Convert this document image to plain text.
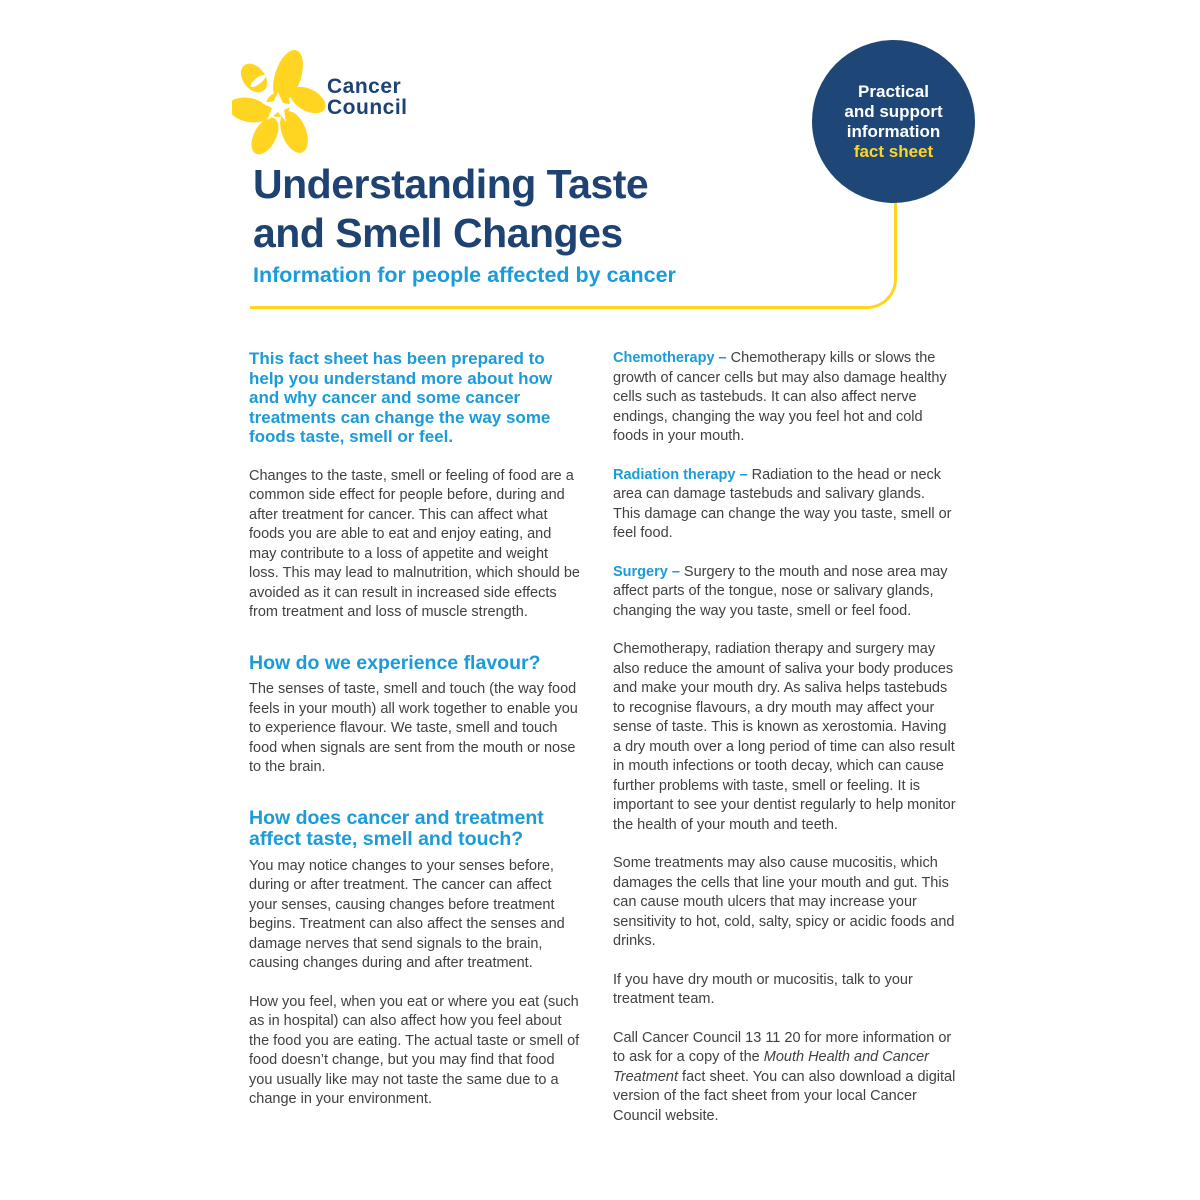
Cancer
Council
Practical
and support
information
fact sheet
Understanding Taste
and Smell Changes
Information for people affected by cancer

This fact sheet has been prepared to help you understand more about how and why cancer and some cancer treatments can change the way some foods taste, smell or feel.

Changes to the taste, smell or feeling of food are a common side effect for people before, during and after treatment for cancer. This can affect what foods you are able to eat and enjoy eating, and may contribute to a loss of appetite and weight loss. This may lead to malnutrition, which should be avoided as it can result in increased side effects from treatment and loss of muscle strength.

How do we experience flavour?

The senses of taste, smell and touch (the way food feels in your mouth) all work together to enable you to experience flavour. We taste, smell and touch food when signals are sent from the mouth or nose to the brain.

How does cancer and treatment affect taste, smell and touch?

You may notice changes to your senses before, during or after treatment. The cancer can affect your senses, causing changes before treatment begins. Treatment can also affect the senses and damage nerves that send signals to the brain, causing changes during and after treatment.

How you feel, when you eat or where you eat (such as in hospital) can also affect how you feel about the food you are eating. The actual taste or smell of food doesn’t change, but you may find that food you usually like may not taste the same due to a change in your environment.

Chemotherapy – Chemotherapy kills or slows the growth of cancer cells but may also damage healthy cells such as tastebuds. It can also affect nerve endings, changing the way you feel hot and cold foods in your mouth.

Radiation therapy – Radiation to the head or neck area can damage tastebuds and salivary glands. This damage can change the way you taste, smell or feel food.

Surgery – Surgery to the mouth and nose area may affect parts of the tongue, nose or salivary glands, changing the way you taste, smell or feel food.

Chemotherapy, radiation therapy and surgery may also reduce the amount of saliva your body produces and make your mouth dry. As saliva helps tastebuds to recognise flavours, a dry mouth may affect your sense of taste. This is known as xerostomia. Having a dry mouth over a long period of time can also result in mouth infections or tooth decay, which can cause further problems with taste, smell or feeling. It is important to see your dentist regularly to help monitor the health of your mouth and teeth.

Some treatments may also cause mucositis, which damages the cells that line your mouth and gut. This can cause mouth ulcers that may increase your sensitivity to hot, cold, salty, spicy or acidic foods and drinks.

If you have dry mouth or mucositis, talk to your treatment team.

Call Cancer Council 13 11 20 for more information or to ask for a copy of the Mouth Health and Cancer Treatment fact sheet. You can also download a digital version of the fact sheet from your local Cancer Council website.
